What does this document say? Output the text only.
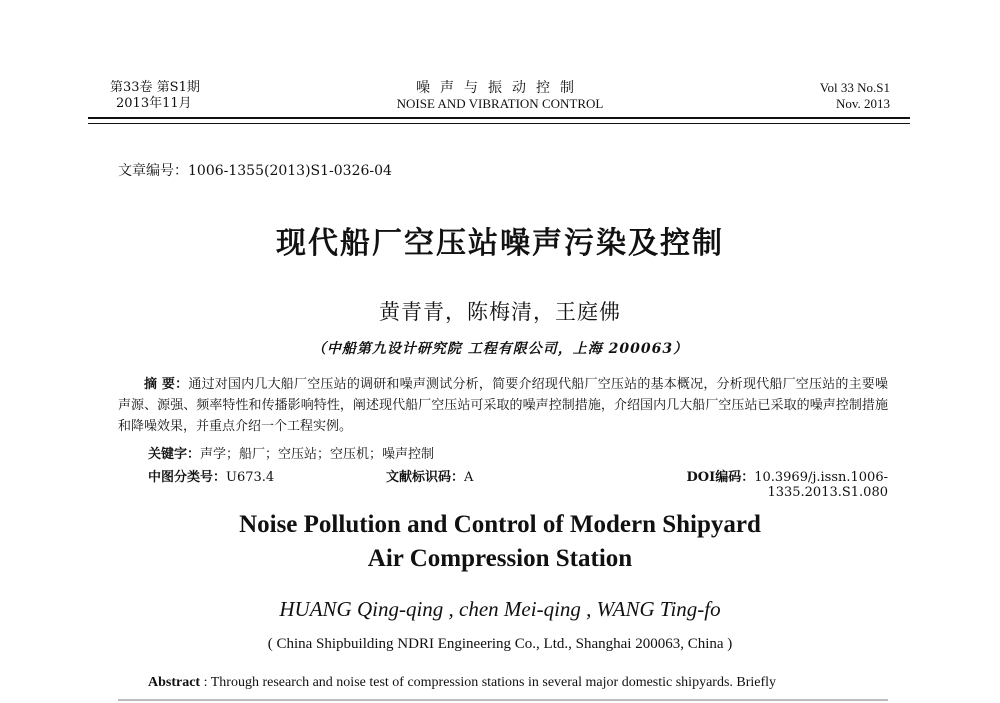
第33卷 第S1期
2013年11月
噪声与振动控制
NOISE AND VIBRATION CONTROL
Vol 33 No.S1
Nov. 2013
文章编号：1006-1355(2013)S1-0326-04
现代船厂空压站噪声污染及控制
黄青青，陈梅清，王庭佛
（中船第九设计研究院 工程有限公司，上海 200063）
摘 要：通过对国内几大船厂空压站的调研和噪声测试分析，简要介绍现代船厂空压站的基本概况，分析现代船厂空压站的主要噪声源、源强、频率特性和传播影响特性，阐述现代船厂空压站可采取的噪声控制措施，介绍国内几大船厂空压站已采取的噪声控制措施和降噪效果，并重点介绍一个工程实例。
关键字：声学；船厂；空压站；空压机；噪声控制
中图分类号：U673.4	文献标识码：A	DOI编码：10.3969/j.issn.1006-1335.2013.S1.080
Noise Pollution and Control of Modern Shipyard
Air Compression Station
HUANG Qing-qing , chen Mei-qing , WANG Ting-fo
( China Shipbuilding NDRI Engineering Co., Ltd., Shanghai 200063, China )
Abstract : Through research and noise test of compression stations in several major domestic shipyards. Briefly
